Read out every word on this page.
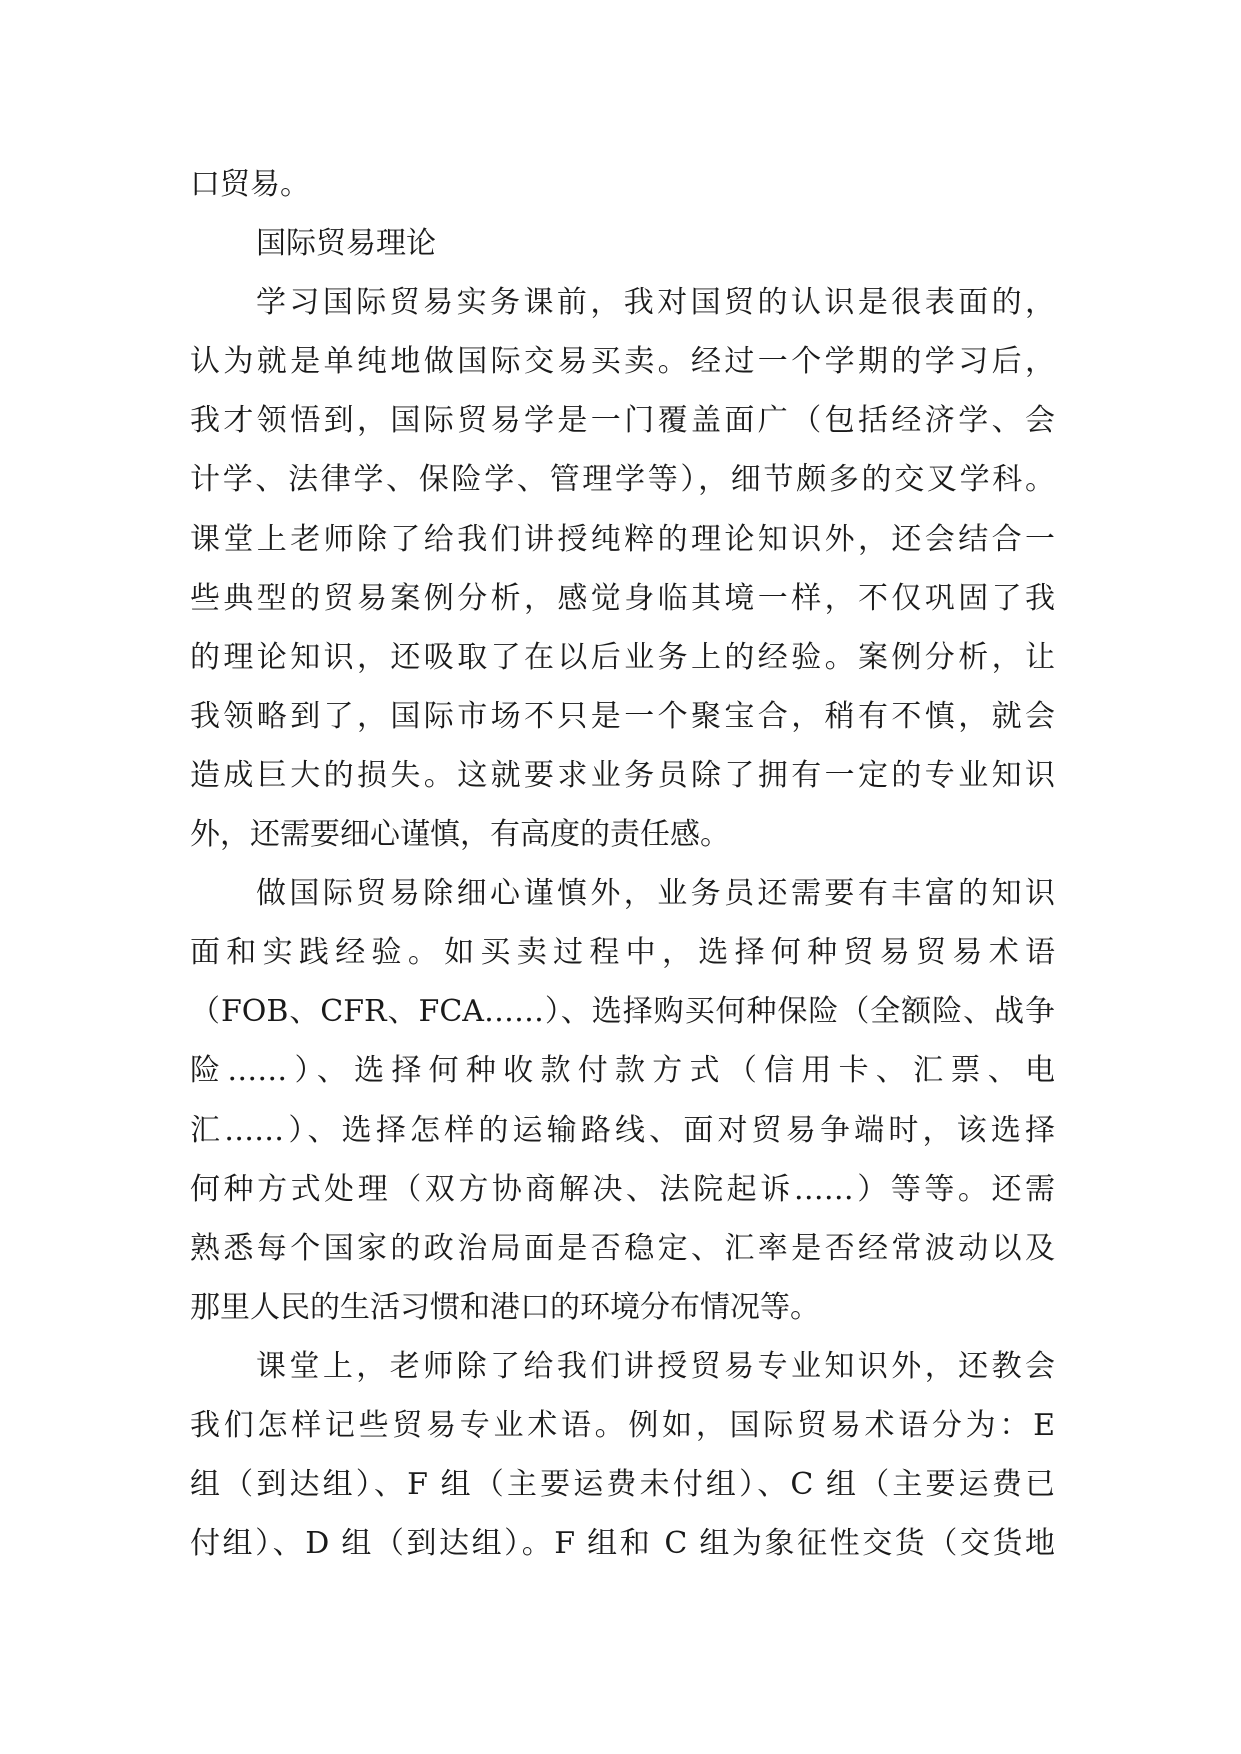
口贸易。
国际贸易理论
学习国际贸易实务课前，我对国贸的认识是很表面的，
认为就是单纯地做国际交易买卖。经过一个学期的学习后，
我才领悟到，国际贸易学是一门覆盖面广（包括经济学、会
计学、法律学、保险学、管理学等），细节颇多的交叉学科。
课堂上老师除了给我们讲授纯粹的理论知识外，还会结合一
些典型的贸易案例分析，感觉身临其境一样，不仅巩固了我
的理论知识，还吸取了在以后业务上的经验。案例分析，让
我领略到了，国际市场不只是一个聚宝合，稍有不慎，就会
造成巨大的损失。这就要求业务员除了拥有一定的专业知识
外，还需要细心谨慎，有高度的责任感。
做国际贸易除细心谨慎外，业务员还需要有丰富的知识
面和实践经验。如买卖过程中，选择何种贸易贸易术语
（FOB、CFR、FCA……）、选择购买何种保险（全额险、战争
险……）、选择何种收款付款方式（信用卡、汇票、电
汇……）、选择怎样的运输路线、面对贸易争端时，该选择
何种方式处理（双方协商解决、法院起诉……）等等。还需
熟悉每个国家的政治局面是否稳定、汇率是否经常波动以及
那里人民的生活习惯和港口的环境分布情况等。
课堂上，老师除了给我们讲授贸易专业知识外，还教会
我们怎样记些贸易专业术语。例如，国际贸易术语分为：E
组（到达组）、F 组（主要运费未付组）、C 组（主要运费已
付组）、D 组（到达组）。F 组和 C 组为象征性交货（交货地
